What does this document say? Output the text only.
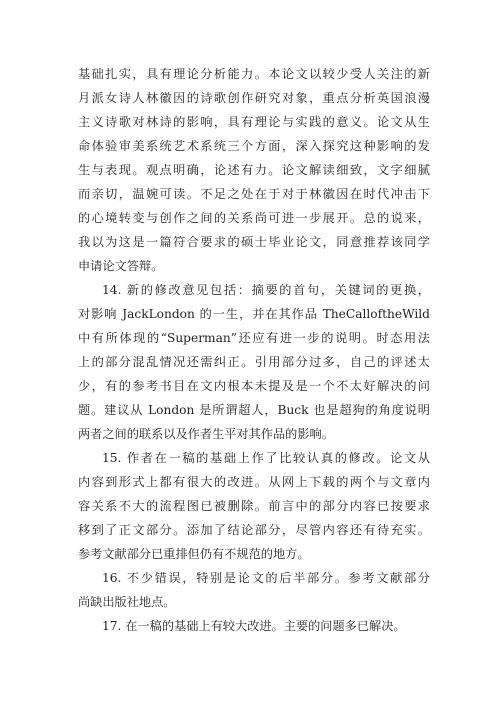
基础扎实，具有理论分析能力。本论文以较少受人关注的新
月派女诗人林徽因的诗歌创作研究对象，重点分析英国浪漫
主义诗歌对林诗的影响，具有理论与实践的意义。论文从生
命体验审美系统艺术系统三个方面，深入探究这种影响的发
生与表现。观点明确，论述有力。论文解读细致，文字细腻
而亲切，温婉可读。不足之处在于对于林徽因在时代冲击下
的心境转变与创作之间的关系尚可进一步展开。总的说来，
我以为这是一篇符合要求的硕士毕业论文，同意推荐该同学
申请论文答辩。
14. 新的修改意见包括：摘要的首句，关键词的更换，
对影响 JackLondon 的一生，并在其作品 TheCalloftheWild
中有所体现的“Superman”还应有进一步的说明。时态用法
上的部分混乱情况还需纠正。引用部分过多，自己的评述太
少，有的参考书目在文内根本未提及是一个不太好解决的问
题。建议从 London 是所谓超人，Buck 也是超狗的角度说明
两者之间的联系以及作者生平对其作品的影响。
15. 作者在一稿的基础上作了比较认真的修改。论文从
内容到形式上都有很大的改进。从网上下载的两个与文章内
容关系不大的流程图已被删除。前言中的部分内容已按要求
移到了正文部分。添加了结论部分，尽管内容还有待充实。
参考文献部分已重排但仍有不规范的地方。
16. 不少错误，特别是论文的后半部分。参考文献部分
尚缺出版社地点。
17. 在一稿的基础上有较大改进。主要的问题多已解决。
